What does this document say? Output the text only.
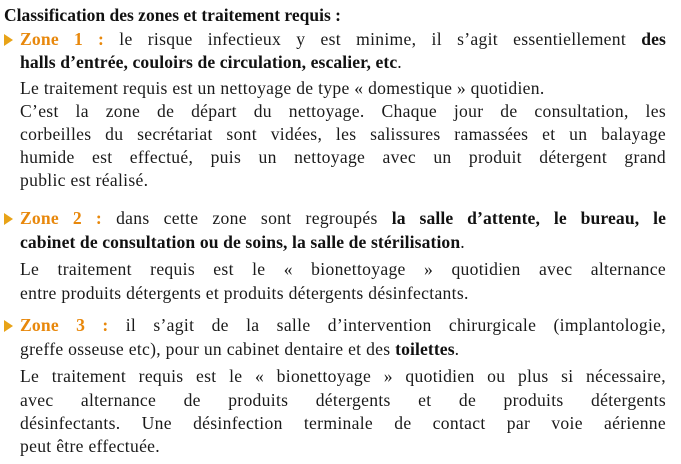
Classification des zones et traitement requis :
Zone 1 : le risque infectieux y est minime, il s’agit essentiellement des
halls d’entrée, couloirs de circulation, escalier, etc.
Le traitement requis est un nettoyage de type « domestique » quotidien.
C’est la zone de départ du nettoyage. Chaque jour de consultation, les
corbeilles du secrétariat sont vidées, les salissures ramassées et un balayage
humide est effectué, puis un nettoyage avec un produit détergent grand
public est réalisé.
Zone 2 : dans cette zone sont regroupés la salle d’attente, le bureau, le
cabinet de consultation ou de soins, la salle de stérilisation.
Le traitement requis est le « bionettoyage » quotidien avec alternance
entre produits détergents et produits détergents désinfectants.
Zone 3 : il s’agit de la salle d’intervention chirurgicale (implantologie,
greffe osseuse etc), pour un cabinet dentaire et des toilettes.
Le traitement requis est le « bionettoyage » quotidien ou plus si nécessaire,
avec alternance de produits détergents et de produits détergents
désinfectants. Une désinfection terminale de contact par voie aérienne
peut être effectuée.
